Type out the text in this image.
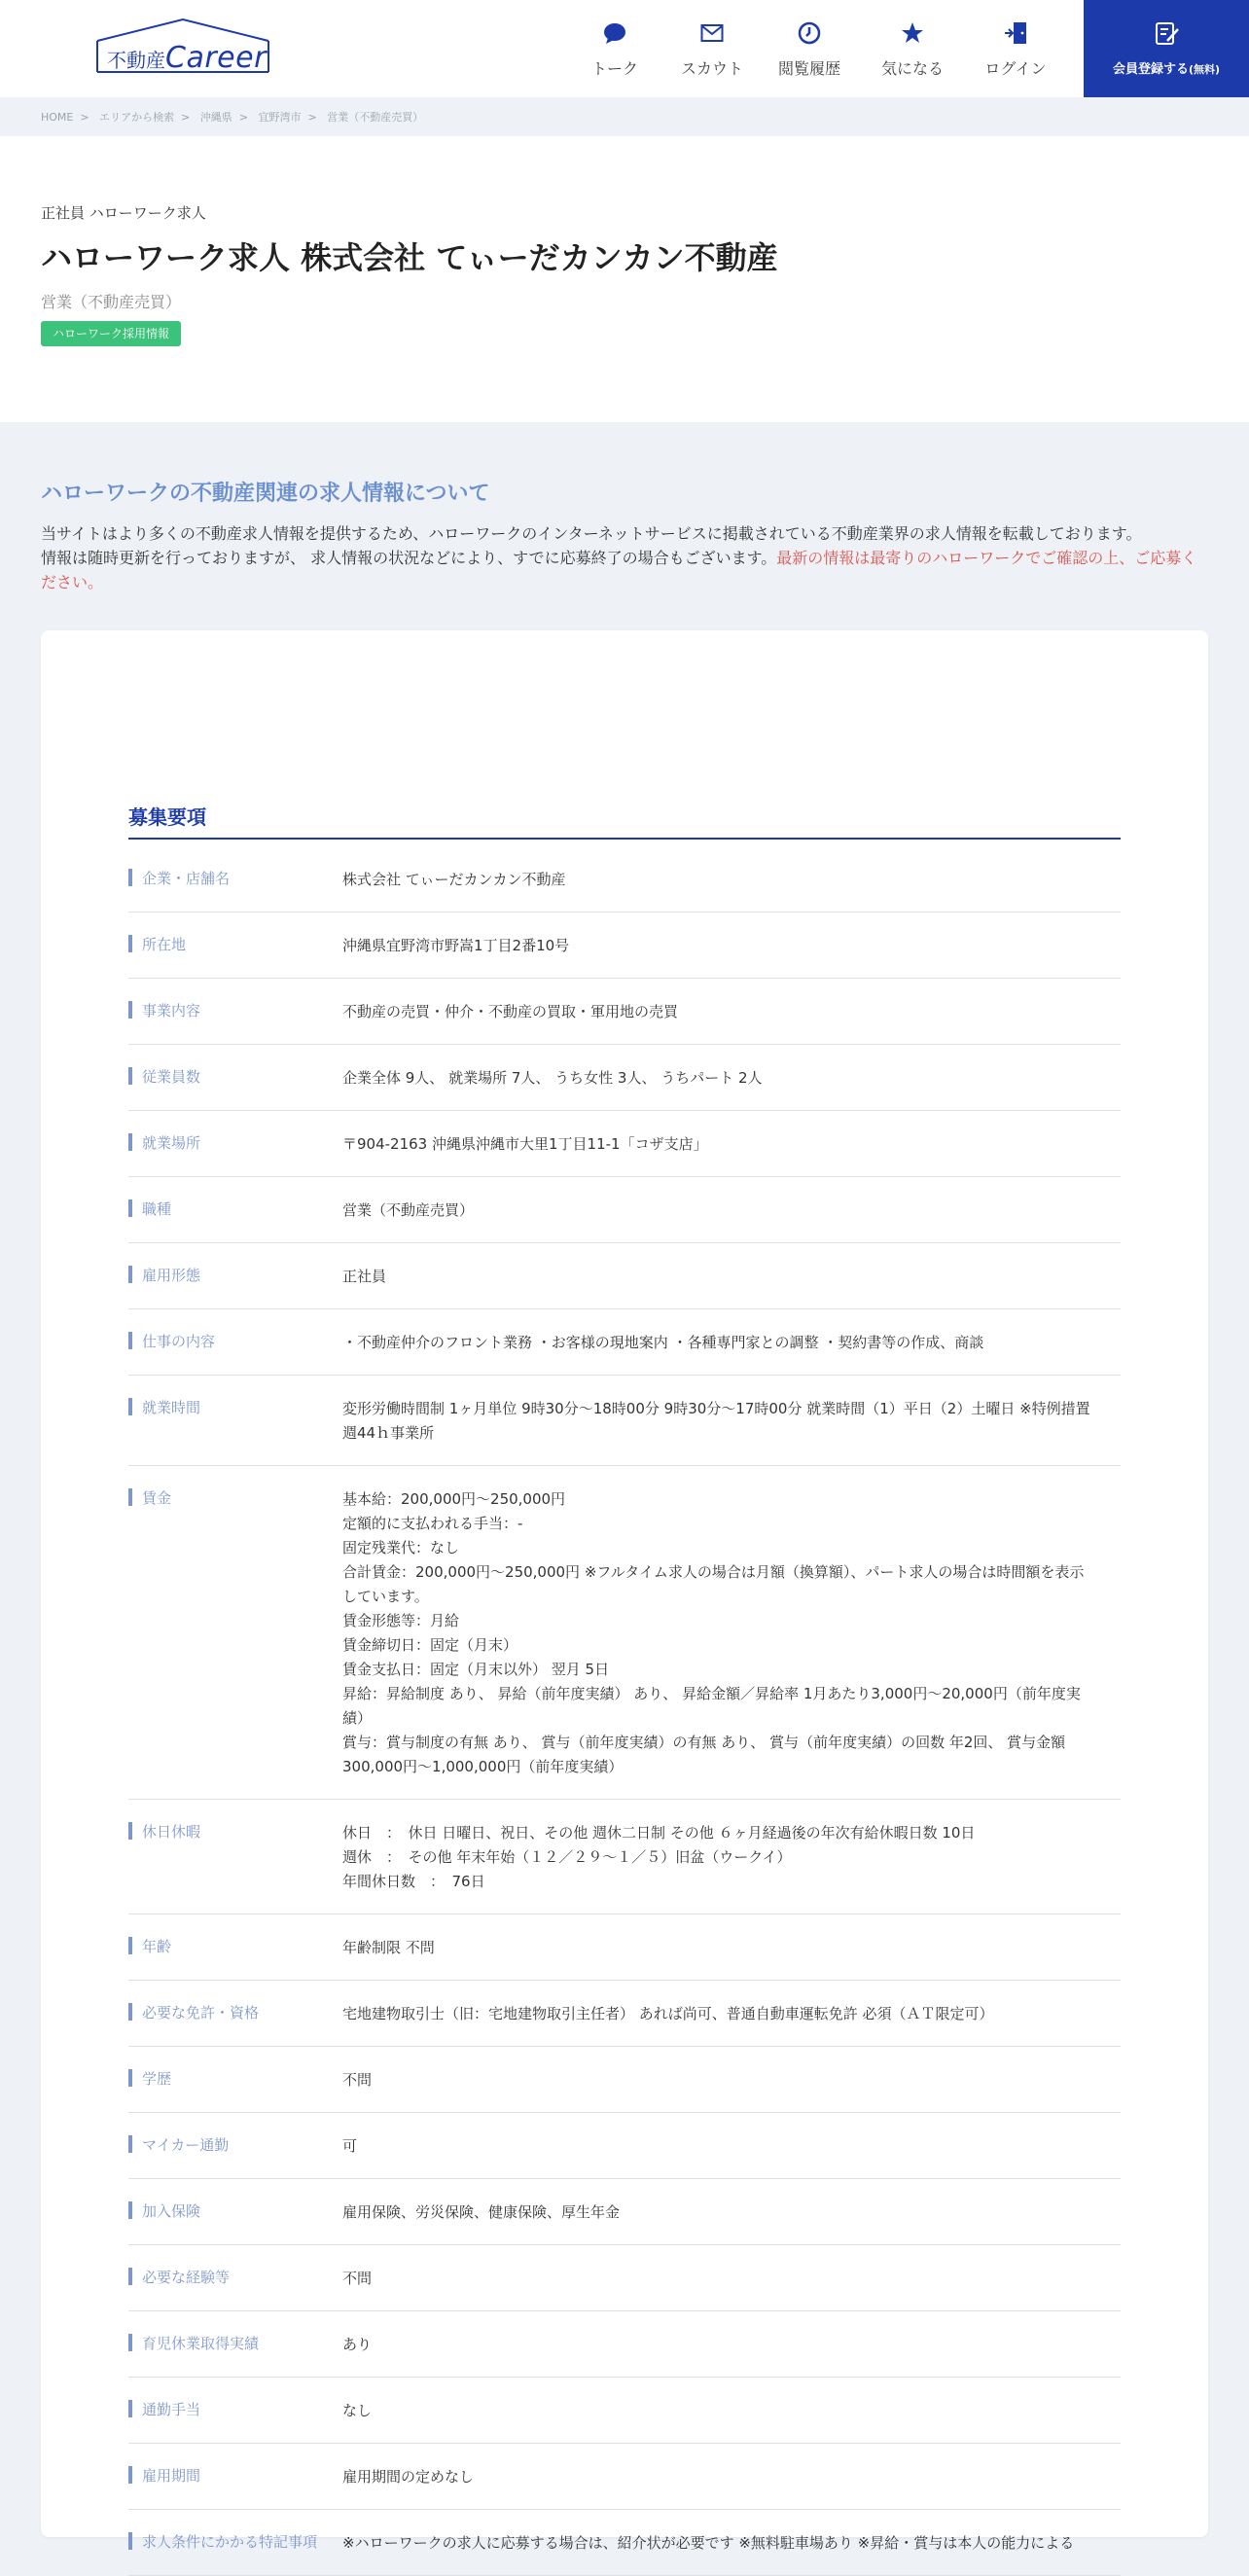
不動産Career	トーク	スカウト	閲覧履歴	気になる	ログイン	会員登録する(無料)
HOME > エリアから検索 > 沖縄県 > 宜野湾市 > 営業（不動産売買）
正社員 ハローワーク求人
ハローワーク求人 株式会社 てぃーだカンカン不動産
営業（不動産売買）
ハローワーク採用情報
ハローワークの不動産関連の求人情報について
当サイトはより多くの不動産求人情報を提供するため、ハローワークのインターネットサービスに掲載されている不動産業界の求人情報を転載しております。
情報は随時更新を行っておりますが、 求人情報の状況などにより、すでに応募終了の場合もございます。最新の情報は最寄りのハローワークでご確認の上、ご応募ください。
募集要項
企業・店舗名	株式会社 てぃーだカンカン不動産
所在地	沖縄県宜野湾市野嵩1丁目2番10号
事業内容	不動産の売買・仲介・不動産の買取・軍用地の売買
従業員数	企業全体 9人、 就業場所 7人、 うち女性 3人、 うちパート 2人
就業場所	〒904-2163 沖縄県沖縄市大里1丁目11-1「コザ支店」
職種	営業（不動産売買）
雇用形態	正社員
仕事の内容	・不動産仲介のフロント業務 ・お客様の現地案内 ・各種専門家との調整 ・契約書等の作成、商談
就業時間	変形労働時間制 1ヶ月単位 9時30分〜18時00分 9時30分〜17時00分 就業時間（1）平日（2）土曜日 ※特例措置週44ｈ事業所
賃金	基本給：200,000円〜250,000円
定額的に支払われる手当：-
固定残業代：なし
合計賃金：200,000円〜250,000円 ※フルタイム求人の場合は月額（換算額）、パート求人の場合は時間額を表示しています。
賃金形態等：月給
賃金締切日：固定（月末）
賃金支払日：固定（月末以外） 翌月 5日
昇給：昇給制度 あり、 昇給（前年度実績） あり、 昇給金額／昇給率 1月あたり3,000円〜20,000円（前年度実績）
賞与：賞与制度の有無 あり、 賞与（前年度実績）の有無 あり、 賞与（前年度実績）の回数 年2回、 賞与金額 300,000円〜1,000,000円（前年度実績）
休日休暇	休日　：　休日 日曜日、祝日、その他 週休二日制 その他 ６ヶ月経過後の年次有給休暇日数 10日
週休　：　その他 年末年始（１２／２９〜１／５）旧盆（ウークイ）
年間休日数　：　76日
年齢	年齢制限 不問
必要な免許・資格	宅地建物取引士（旧：宅地建物取引主任者） あれば尚可、普通自動車運転免許 必須（ＡＴ限定可）
学歴	不問
マイカー通勤	可
加入保険	雇用保険、労災保険、健康保険、厚生年金
必要な経験等	不問
育児休業取得実績	あり
通勤手当	なし
雇用期間	雇用期間の定めなし
求人条件にかかる特記事項 ※ハローワークの求人に応募する場合は、紹介状が必要です ※無料駐車場あり ※昇給・賞与は本人の能力による
